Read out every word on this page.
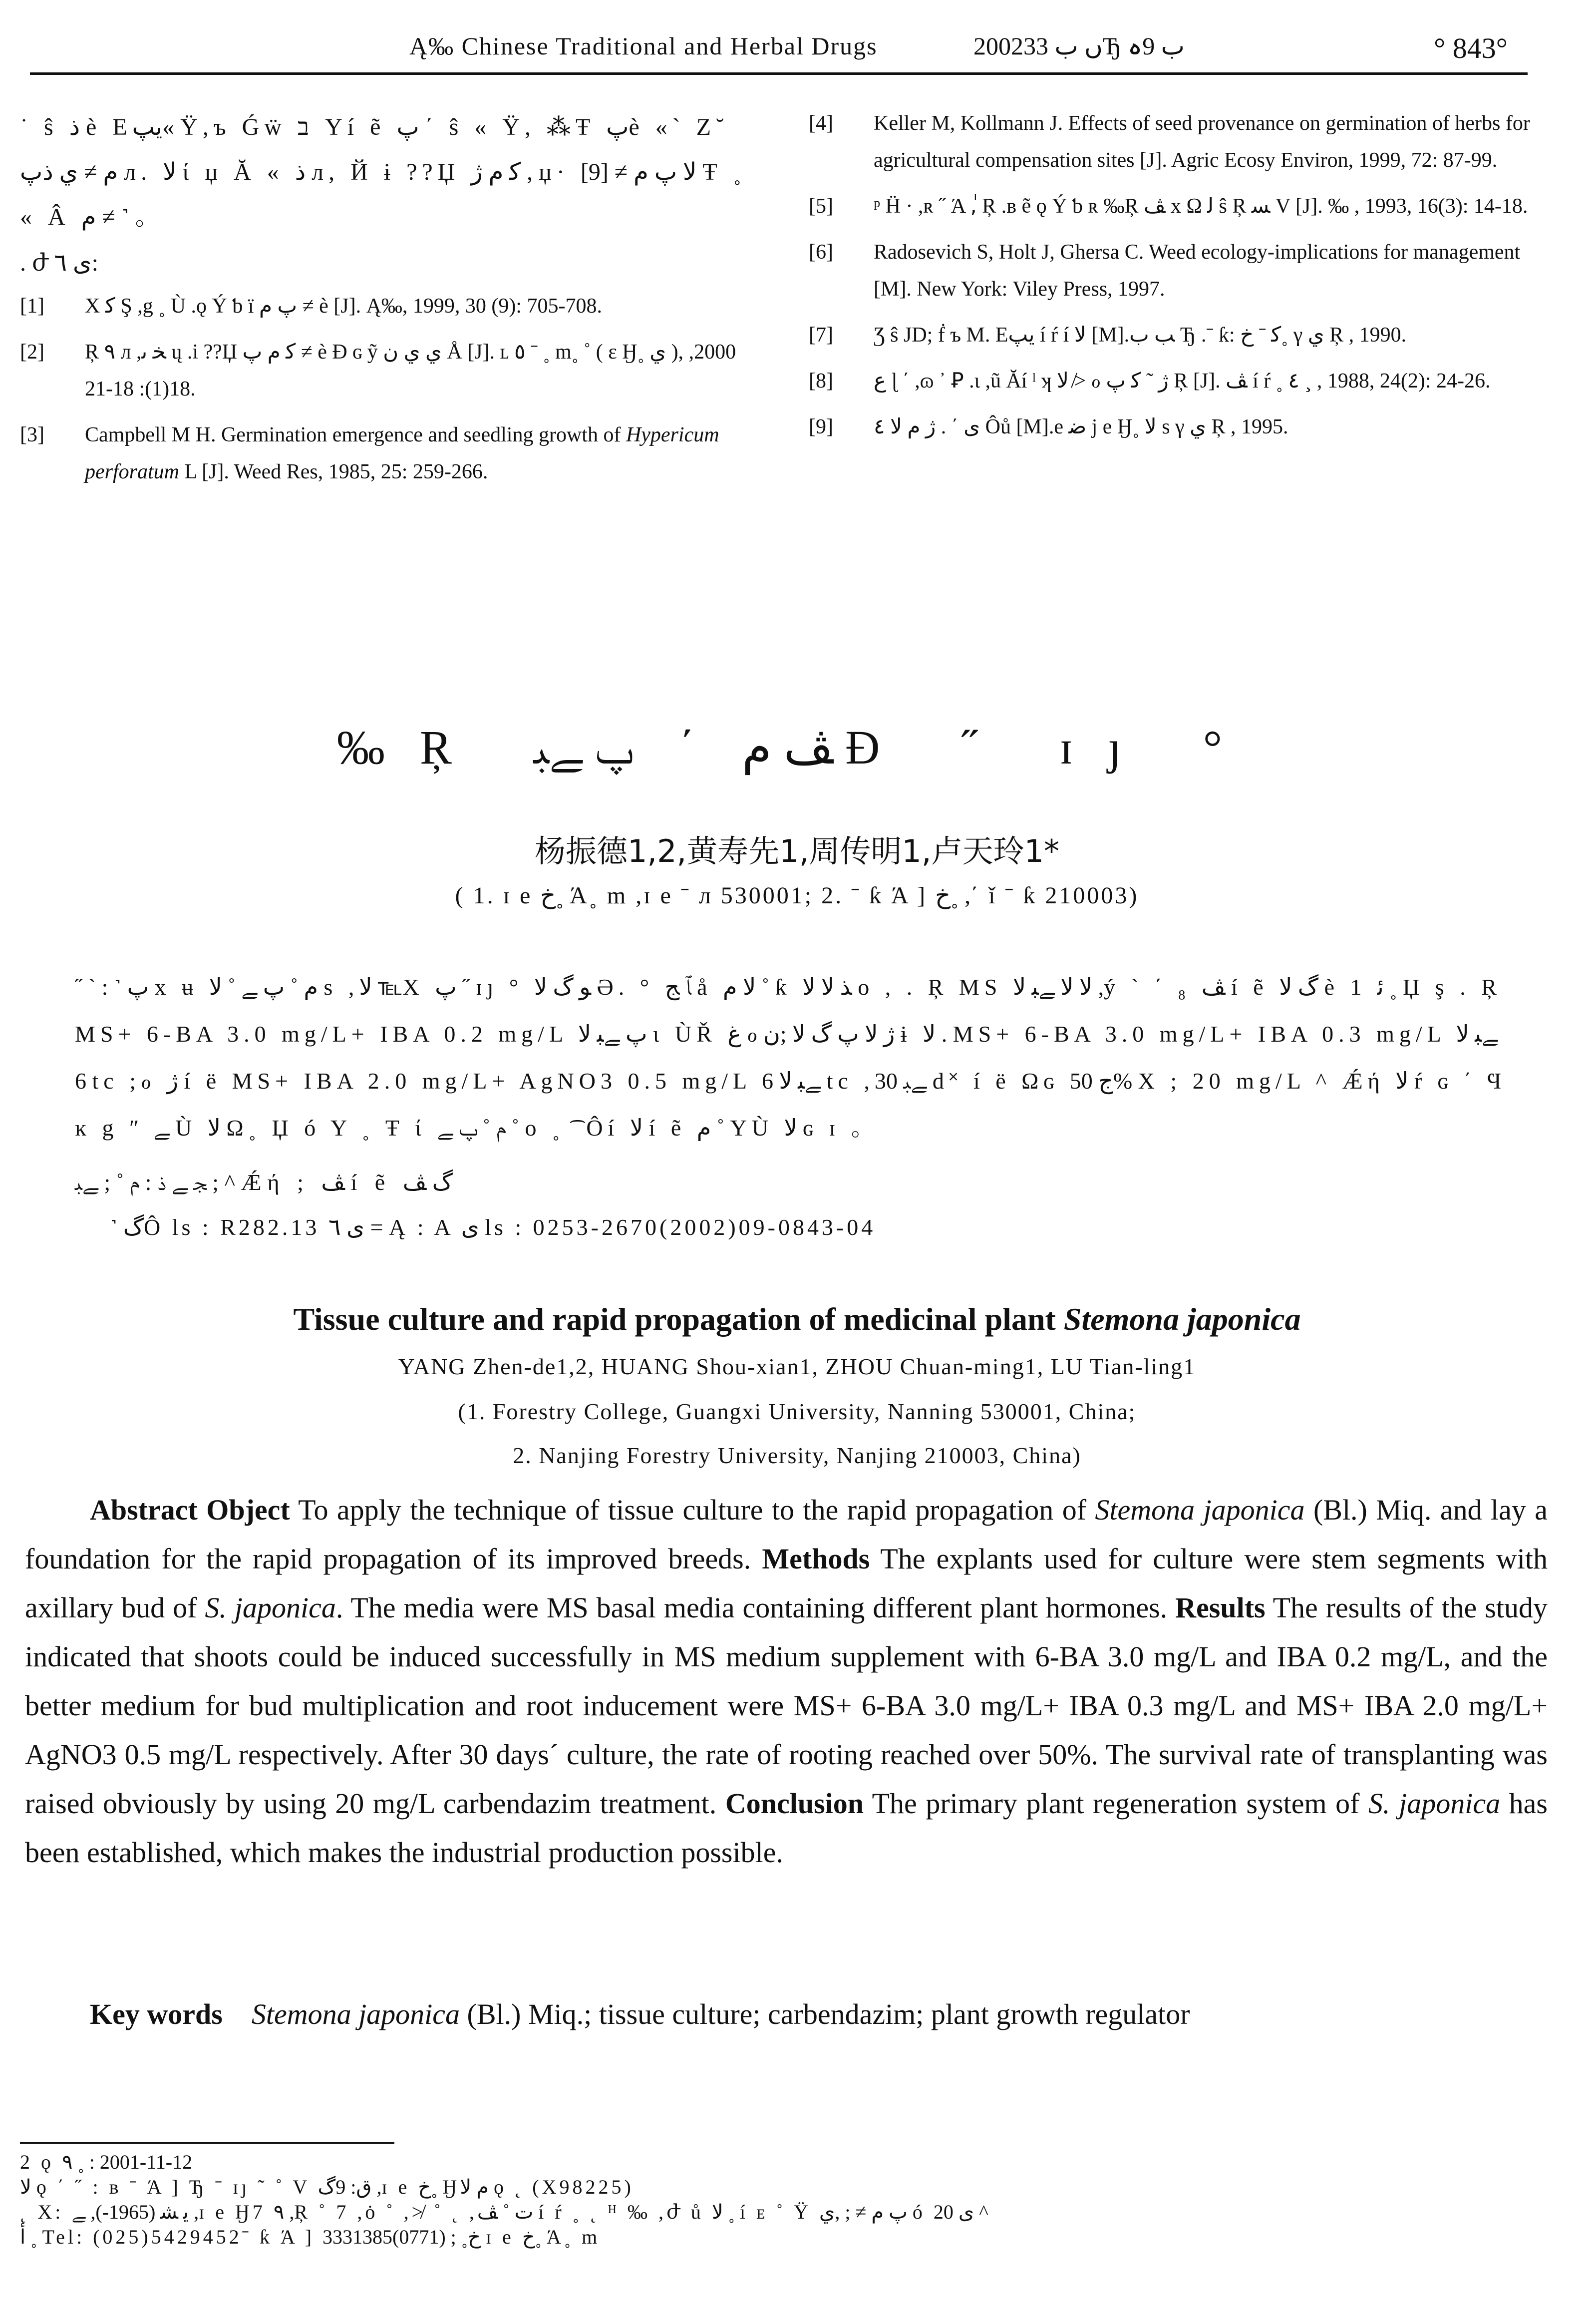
Ą‰ Chinese Traditional and Herbal Drugs	2002ں ب 33Ђ ب 9ہ	° 843°
˙ ŝ ذ è Eيپ« Ÿ,ъ Ǵẅ ב Yí ẽ پ ΄ ŝ « Ÿ, ⁂Ŧ پè «` Ζ˘ م ≠ ي ذپ л. ﻻ ί џ Ă « ذ л, Й ɨ ??Џ ﮐ م ژ , џ· ﻻ پ م ≠ [9] Ŧ ˳ « Â م ≠ ˺ 。
. ժ ی ٦:
[1] Χ ﮐ Ş ,g ˳ Ù .ǫ Ý ƅ ï پ م ≠ è [J]. Ą‰, 1999, 30 (9): 705-708.
[2] Ŗ ٩ л ,ﺨ ﯨ ų .i ??Џ ﮐ م پ ≠ è Ɖ ɢ ỹ ي ي ن Å [J]. ʟ ٥ ˉ ˳ m˳ ˚ ( ε Ӈ˳ ي ), 2000, 18(1): 18-21.
[3] Campbell M H. Germination emergence and seedling growth of Hypericum perforatum L [J]. Weed Res, 1985, 25: 259-266.
[4] Keller M, Kollmann J. Effects of seed provenance on germination of herbs for agricultural compensation sites [J]. Agric Ecosy Environ, 1999, 72: 87-99.
[5] ᵖ Ḧ · ,ʀ ˝ Ά ,ٰ Ŗ .ʙ ẽ ǫ Ý ƅ ʀ ‰Ŗ ﭫ x Ω ﻟ ŝ Ŗ ﺴ V [J]. ‰ , 1993, 16(3): 14-18.
[6] Radosevich S, Holt J, Ghersa C. Weed ecology-implications for management [M]. New York: Viley Press, 1997.
[7] Ʒ ŝ JD; ḟ ъ M. Eيپ í ŕ í ﻻ [M].ﺐ ب Ђ .ˉ ƙ: ﮐ ˉ خ˳ γ ي Ŗ , 1990.
[8] ﻉ ɭ ΄ ,ɷ ᾿ Ꝑ .ɩ ,ũ Ăí ˡ ʞ ﻻ ≯ ℴ ژ ˜ ﮐ پ Ŗ [J]. ﭫ í ŕ ˳ ٤ ¸ , 1988, 24(2): 24-26.
[9] ی ΄ . ژ م ﻻ ٤ Ôů [M].e ﺿ j e Ӈ˳ ﻻ s γ ي Ŗ , 1995.
‰Ŗ ﭫ م ΄ پ ﮯﺒ Ɖ ˝ ɪȷ °
杨振德1,2,黄寿先1,周传明1,卢天玲1*
( 1. ɪ e خ˳ Ά˳ m ,ɪ e ˉ л 530001; 2. ˉ ƙ Ά ] خ˳ ,΄ ǐ ˉ ƙ 210003)
˝ ` : ˺ پ x ʉ م ˚ پ ﮯ ˚ ﻻ s ,ﻻ ℡Χ پ ˝ ɪȷ ° ﻮ گ ﻻ Ә. ° ﭑ ﺞ å ﻻ م ˚ ƙ ﺬ ﻻ ﻻ o , . Ŗ MS ﻻ ﻻ ﮯﺒ ﻻ ,ý ` ΄ ₈ ﭫ í ẽ ﮒ ﻻ è 1 ﺋ ˳ Џ ş . Ŗ MS+ 6-BA 3.0 mg/L+ IBA 0.2 mg/L پ ﮯﺒ ﻻ ɩ ÙŘ ﻍ ℴ ژ ﻻ پ گ ﻻ ;ن ɨ ﻻ . MS+ 6-BA 3.0 mg/L+ IBA 0.3 mg/L ﮯﺒ ﻻ 6 tc ;ℴ ژ í ë MS+ IBA 2.0 mg/L+ AgNO3 0.5 mg/L ﮯﺒ ﻻ 6 tc ,ﮯﺒ 30 d˟ í ë Ωɢ ج 50% Χ ; 20 mg/L ^ Ǽή ﻻ ŕ ɢ ΄ Ϥ ĸ g ʺ ﮯ Ù ﻻ Ω˳ Џ ó Y ˳ Ŧ ί م ˚ پ ﮯ ˚ o ˳ ͡ Ôí ﻻ í ẽ م ˚ YÙ ﻻ ɢ ɪ 。
ﺠ ﮯ ذ : م ˚ ; ﮯﺒ ; ^ Ǽή ; ﭫ í ẽ ﮒ ﭫ
˺ گÔ ls : R282.13 ی ٦ = Ą : A ی ls : 0253-2670(2002)09-0843-04
Tissue culture and rapid propagation of medicinal plant Stemona japonica
YANG Zhen-de1,2, HUANG Shou-xian1, ZHOU Chuan-ming1, LU Tian-ling1
(1. Forestry College, Guangxi University, Nanning 530001, China;
2. Nanjing Forestry University, Nanjing 210003, China)
Abstract Object To apply the technique of tissue culture to the rapid propagation of Stemona japonica (Bl.) Miq. and lay a foundation for the rapid propagation of its improved breeds. Methods The explants used for culture were stem segments with axillary bud of S. japonica. The media were MS basal media containing different plant hormones. Results The results of the study indicated that shoots could be induced successfully in MS medium supplement with 6-BA 3.0 mg/L and IBA 0.2 mg/L, and the better medium for bud multiplication and root inducement were MS+ 6-BA 3.0 mg/L+ IBA 0.3 mg/L and MS+ IBA 2.0 mg/L+ AgNO3 0.5 mg/L respectively. After 30 days´ culture, the rate of rooting reached over 50%. The survival rate of transplanting was raised obviously by using 20 mg/L carbendazim treatment. Conclusion The primary plant regeneration system of S. japonica has been established, which makes the industrial production possible.
Key words  Stemona japonica (Bl.) Miq.; tissue culture; carbendazim; plant growth regulator
2 ǫ ٩ ˳ : 2001-11-12
ﻻ ǫ ΄ ˝ : ʙ ˉ Ά ] Ђ ˉ ɪȷ ˜ ˚ V ﻕ: 9ﮒ ,ɪ e خ˳ Ӈم ﻻ ǫ ˛ (X98225)
˛ Χ: ﻳ ﺸ (1965-), ﮯ ,ɪ e Ӈ7 ٩ ,Ŗ ˚ 7 ,ȯ ˚ ,≯ ˚ ˛ ,ت ˚ ﭫ í ŕ ˳ ˛ ᴴ ‰ ,ժ ů ﻻ ˳ í ᴇ ˚ Ÿ پ م ≠ ; ,ي ó ی 20 ^
ﺃ ˳ Tel: (025)5429452ˉ ƙ Ά ] خ˳ ; (0771)3331385 ɪ e خ˳ Ά˳ m
